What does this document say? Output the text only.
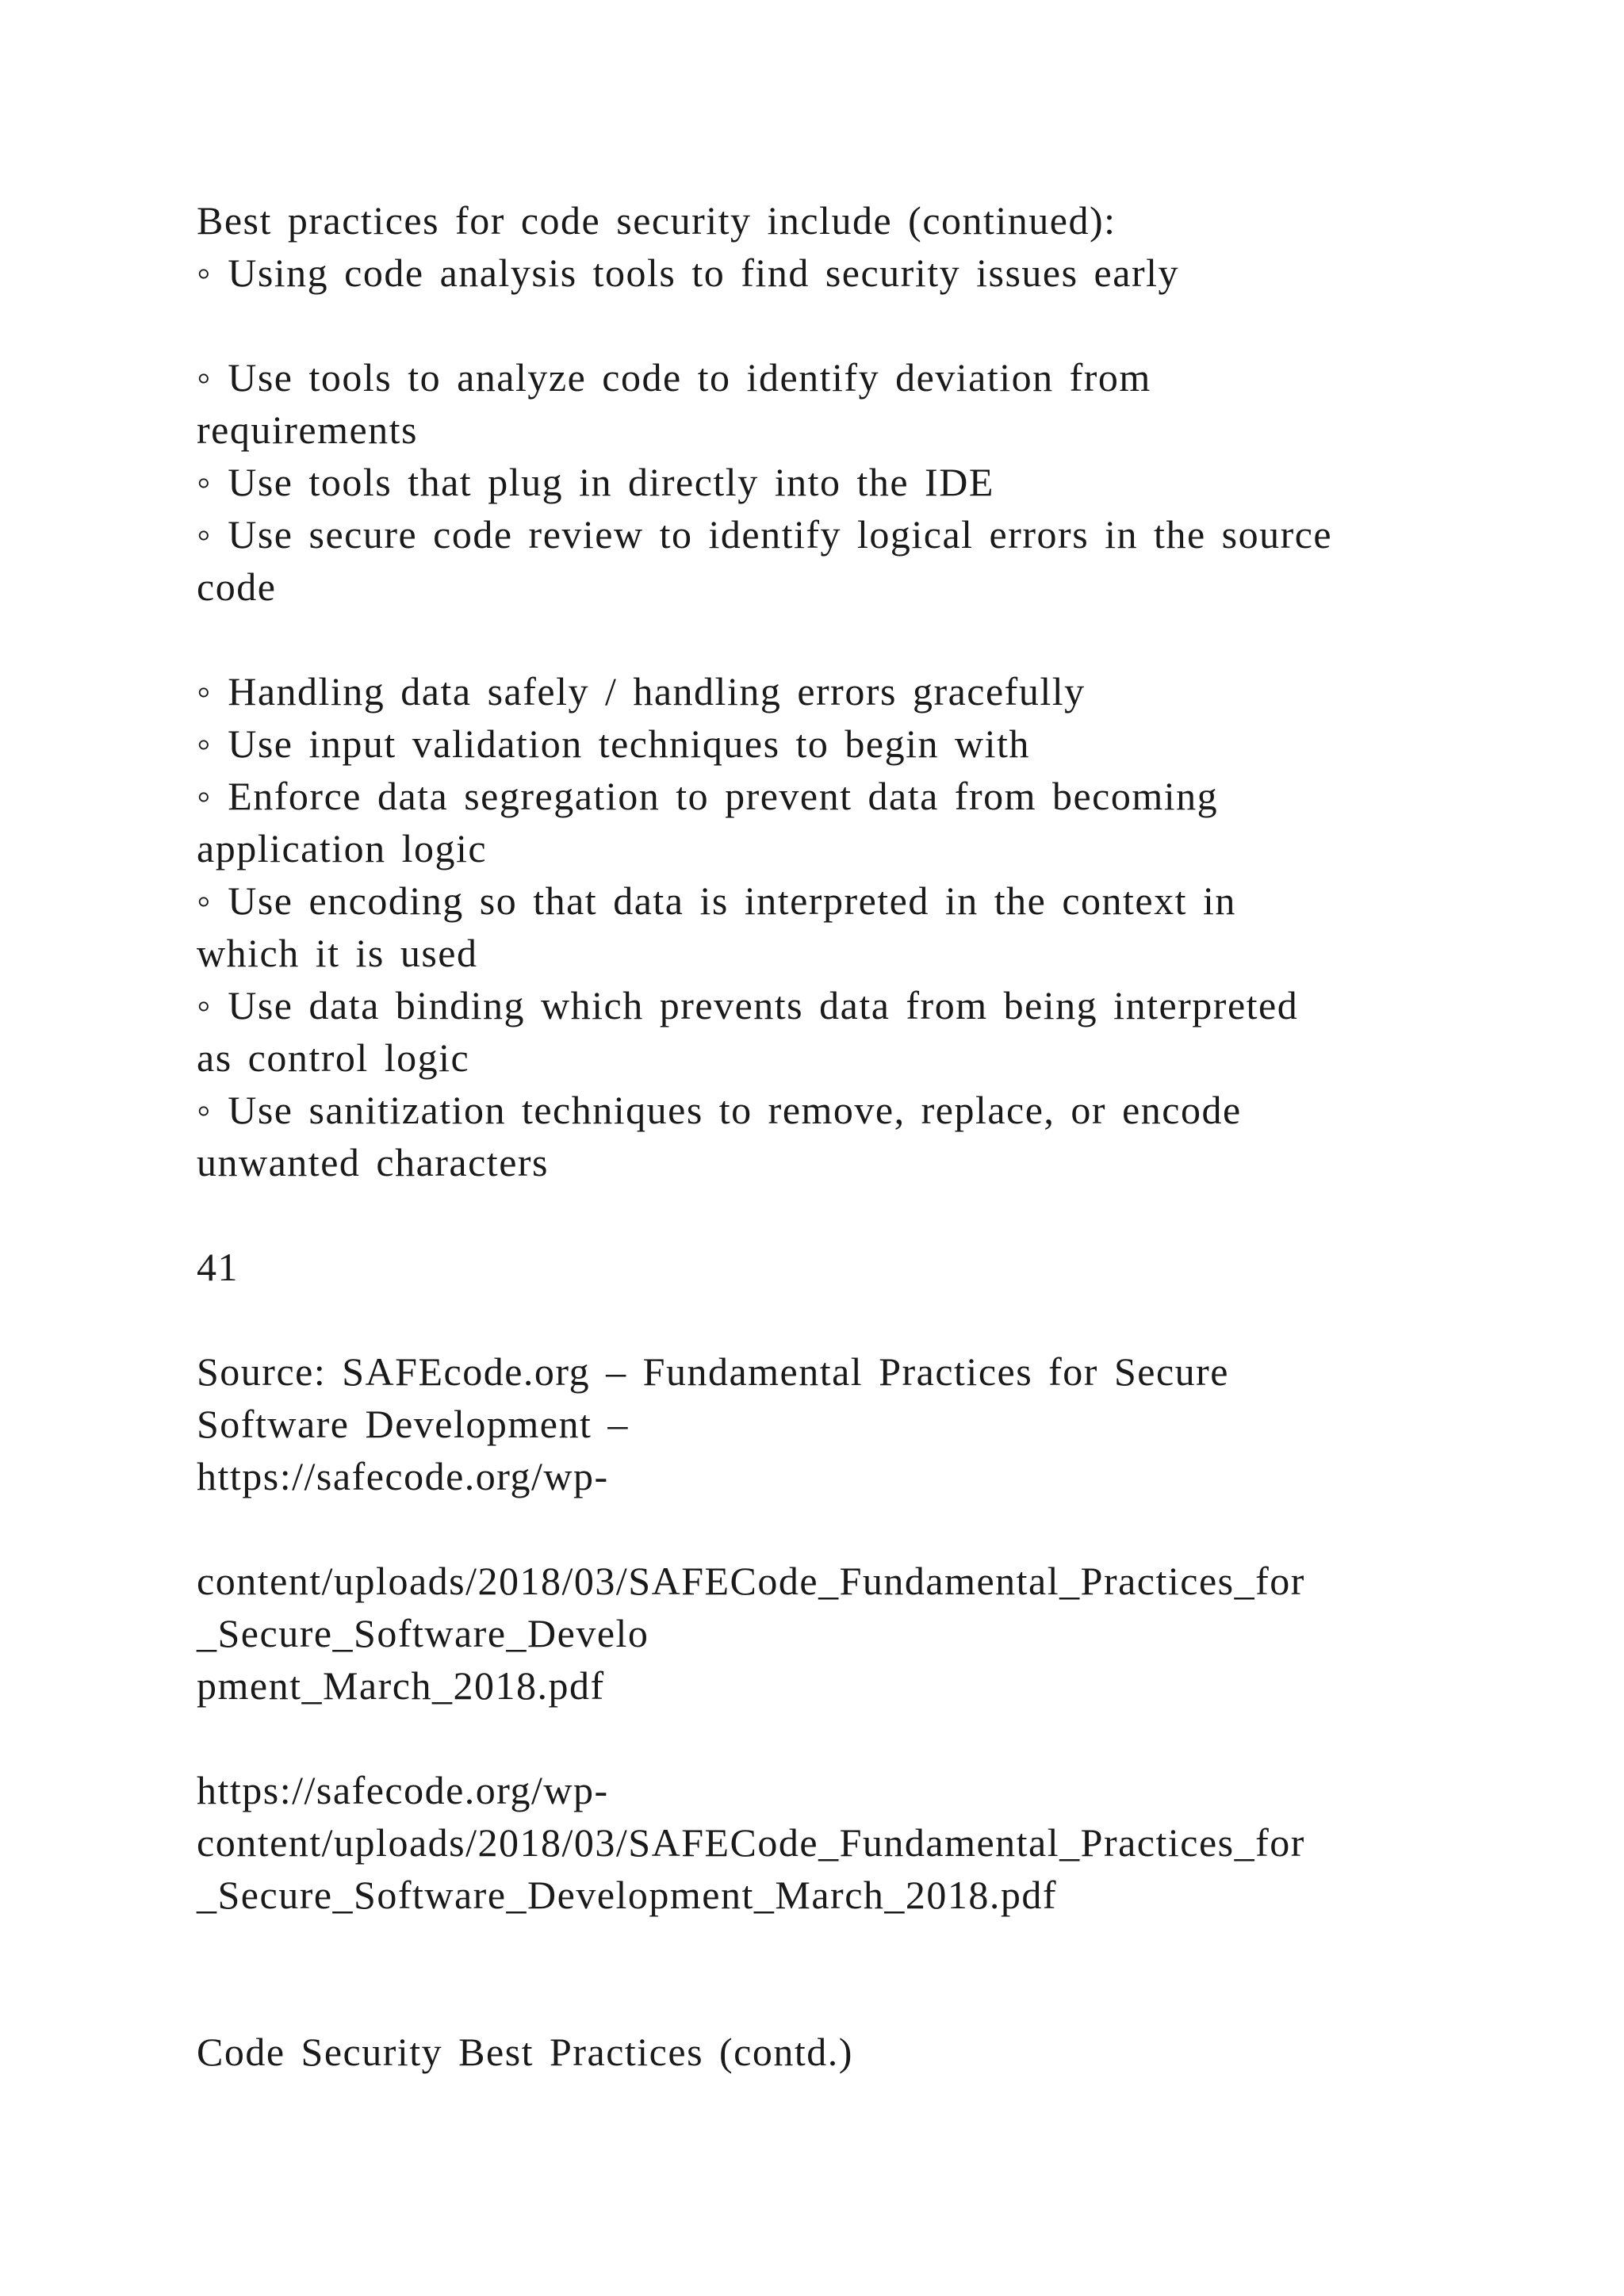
Best practices for code security include (continued):
◦ Using code analysis tools to find security issues early
◦ Use tools to analyze code to identify deviation from
requirements
◦ Use tools that plug in directly into the IDE
◦ Use secure code review to identify logical errors in the source
code
◦ Handling data safely / handling errors gracefully
◦ Use input validation techniques to begin with
◦ Enforce data segregation to prevent data from becoming
application logic
◦ Use encoding so that data is interpreted in the context in
which it is used
◦ Use data binding which prevents data from being interpreted
as control logic
◦ Use sanitization techniques to remove, replace, or encode
unwanted characters
41
Source: SAFEcode.org – Fundamental Practices for Secure
Software Development –
https://safecode.org/wp-
content/uploads/2018/03/SAFECode_Fundamental_Practices_for
_Secure_Software_Develo
pment_March_2018.pdf
https://safecode.org/wp-
content/uploads/2018/03/SAFECode_Fundamental_Practices_for
_Secure_Software_Development_March_2018.pdf
Code Security Best Practices (contd.)
